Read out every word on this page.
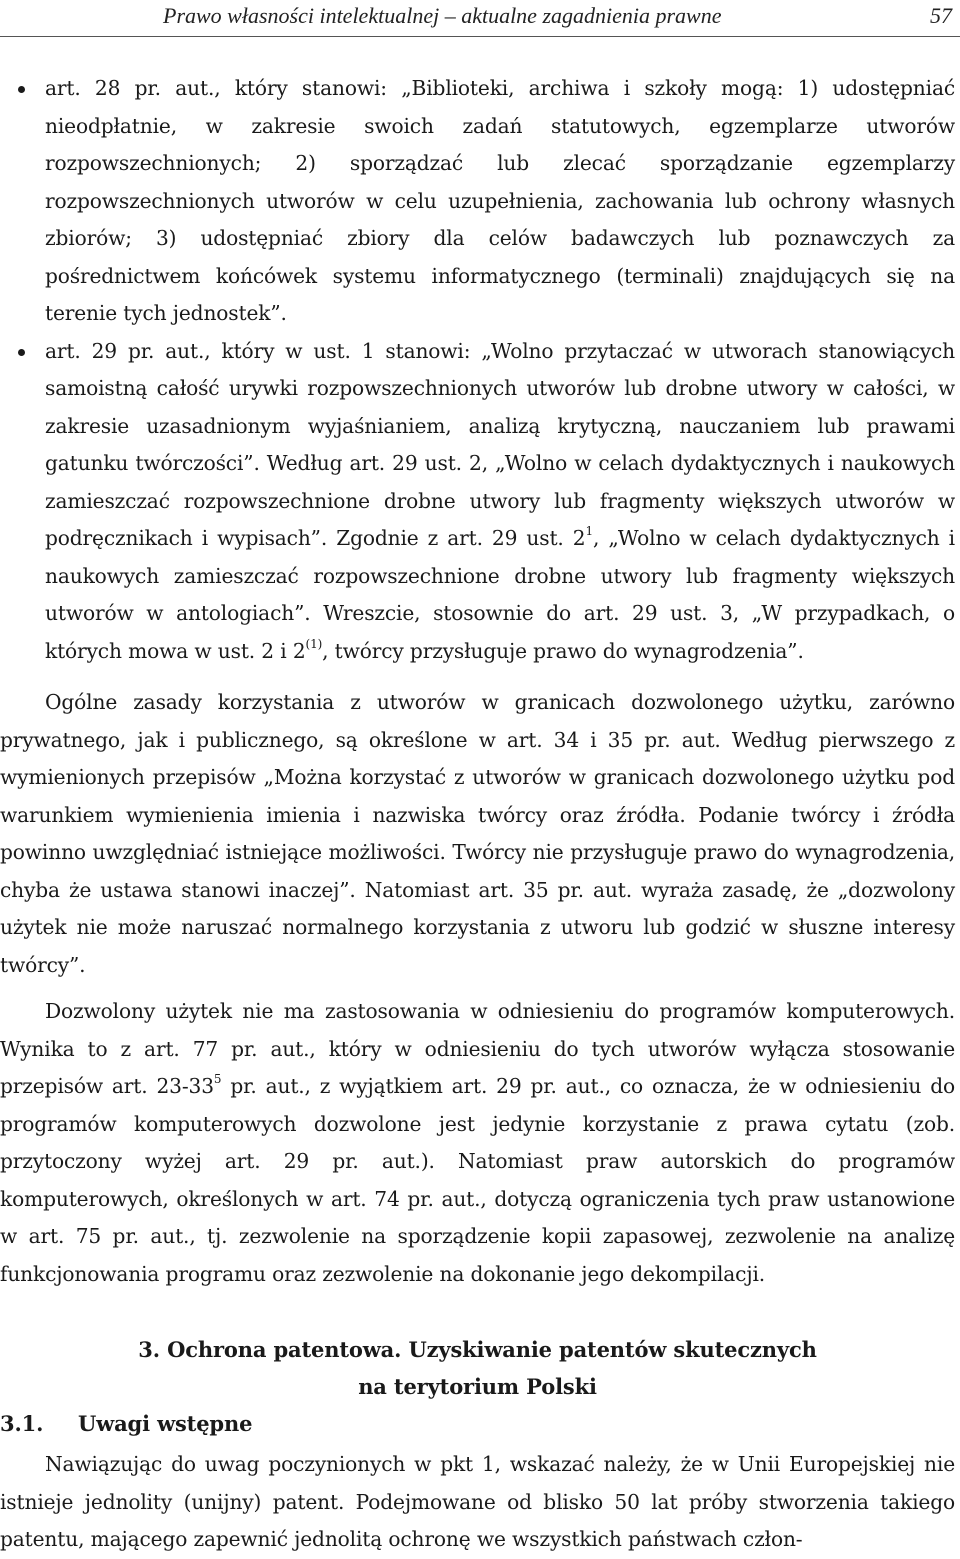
Prawo własności intelektualnej – aktualne zagadnienia prawne	57
art. 28 pr. aut., który stanowi: „Biblioteki, archiwa i szkoły mogą: 1) udostępniać nieodpłatnie, w zakresie swoich zadań statutowych, egzemplarze utworów rozpowszechnionych; 2) sporządzać lub zlecać sporządzanie egzemplarzy rozpowszechnionych utworów w celu uzupełnienia, zachowania lub ochrony własnych zbiorów; 3) udostępniać zbiory dla celów badawczych lub poznawczych za pośrednictwem końcówek systemu informatycznego (terminali) znajdujących się na terenie tych jednostek”.
art. 29 pr. aut., który w ust. 1 stanowi: „Wolno przytaczać w utworach stanowiących samoistną całość urywki rozpowszechnionych utworów lub drobne utwory w całości, w zakresie uzasadnionym wyjaśnianiem, analizą krytyczną, nauczaniem lub prawami gatunku twórczości”. Według art. 29 ust. 2, „Wolno w celach dydaktycznych i naukowych zamieszczać rozpowszechnione drobne utwory lub fragmenty większych utworów w podręcznikach i wypisach”. Zgodnie z art. 29 ust. $2^1$, „Wolno w celach dydaktycznych i naukowych zamieszczać rozpowszechnione drobne utwory lub fragmenty większych utworów w antologiach”. Wreszcie, stosownie do art. 29 ust. 3, „W przypadkach, o których mowa w ust. 2 i 2$^{(1)}$, twórcy przysługuje prawo do wynagrodzenia”.

Ogólne zasady korzystania z utworów w granicach dozwolonego użytku, zarówno prywatnego, jak i publicznego, są określone w art. 34 i 35 pr. aut. Według pierwszego z wymienionych przepisów „Można korzystać z utworów w granicach dozwolonego użytku pod warunkiem wymienienia imienia i nazwiska twórcy oraz źródła. Podanie twórcy i źródła powinno uwzględniać istniejące możliwości. Twórcy nie przysługuje prawo do wynagrodzenia, chyba że ustawa stanowi inaczej”. Natomiast art. 35 pr. aut. wyraża zasadę, że „dozwolony użytek nie może naruszać normalnego korzystania z utworu lub godzić w słuszne interesy twórcy”.

Dozwolony użytek nie ma zastosowania w odniesieniu do programów komputerowych. Wynika to z art. 77 pr. aut., który w odniesieniu do tych utworów wyłącza stosowanie przepisów art. $23-33^5$ pr. aut., z wyjątkiem art. 29 pr. aut., co oznacza, że w odniesieniu do programów komputerowych dozwolone jest jedynie korzystanie z prawa cytatu (zob. przytoczony wyżej art. 29 pr. aut.). Natomiast praw autorskich do programów komputerowych, określonych w art. 74 pr. aut., dotyczą ograniczenia tych praw ustanowione w art. 75 pr. aut., tj. zezwolenie na sporządzenie kopii zapasowej, zezwolenie na analizę funkcjonowania programu oraz zezwolenie na dokonanie jego dekompilacji.

3. Ochrona patentowa. Uzyskiwanie patentów skutecznych
na terytorium Polski
3.1. Uwagi wstępne

Nawiązując do uwag poczynionych w pkt 1, wskazać należy, że w Unii Europejskiej nie istnieje jednolity (unijny) patent. Podejmowane od blisko 50 lat próby stworzenia takiego patentu, mającego zapewnić jednolitą ochronę we wszystkich państwach człon-
